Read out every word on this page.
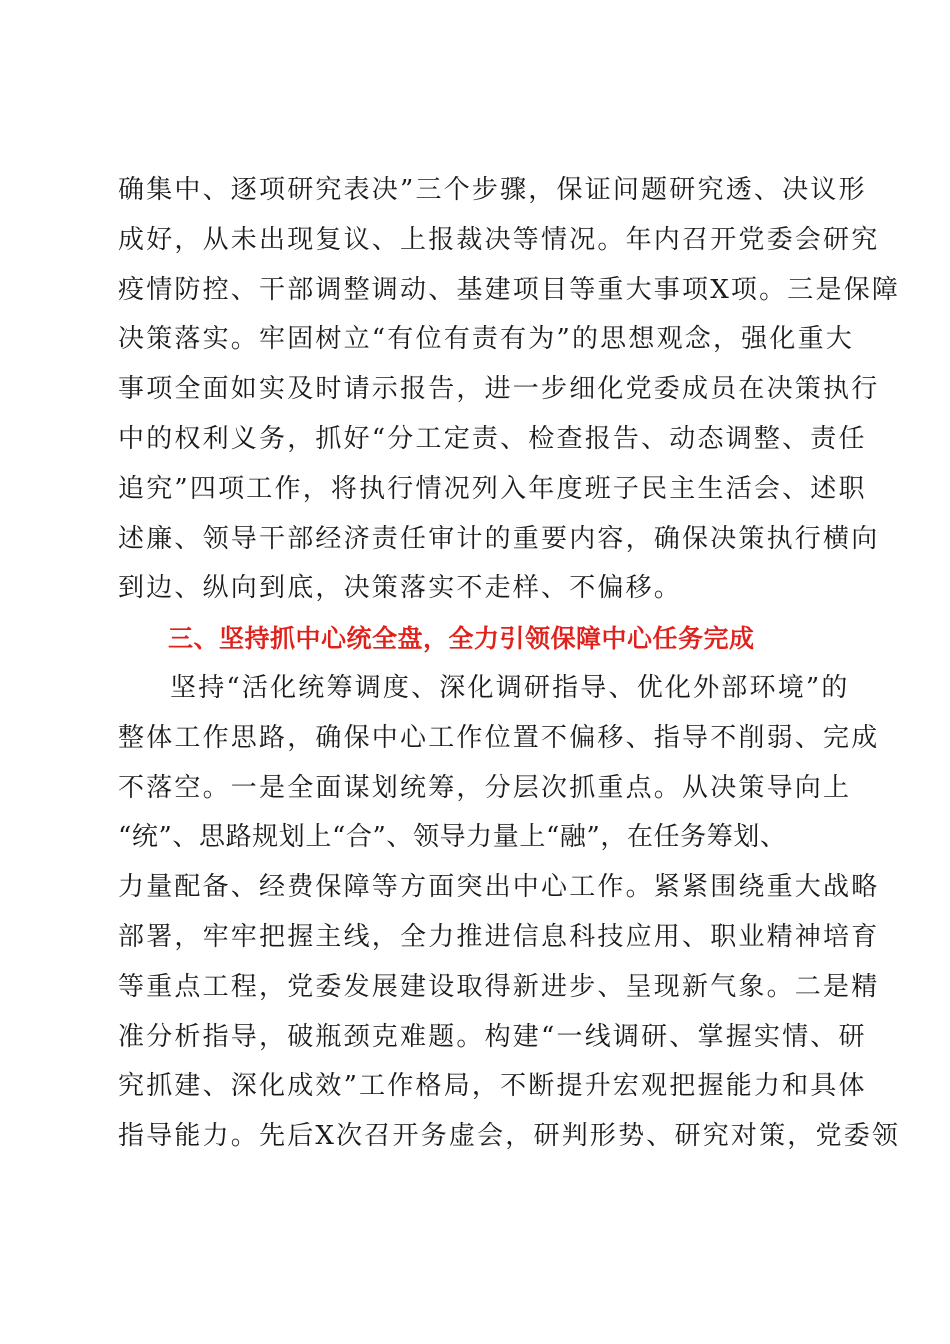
确集中、逐项研究表决”三个步骤，保证问题研究透、决议形
成好，从未出现复议、上报裁决等情况。年内召开党委会研究
疫情防控、干部调整调动、基建项目等重大事项X项。三是保障
决策落实。牢固树立“有位有责有为”的思想观念，强化重大
事项全面如实及时请示报告，进一步细化党委成员在决策执行
中的权利义务，抓好“分工定责、检查报告、动态调整、责任
追究”四项工作，将执行情况列入年度班子民主生活会、述职
述廉、领导干部经济责任审计的重要内容，确保决策执行横向
到边、纵向到底，决策落实不走样、不偏移。
三、坚持抓中心统全盘，全力引领保障中心任务完成
坚持“活化统筹调度、深化调研指导、优化外部环境”的
整体工作思路，确保中心工作位置不偏移、指导不削弱、完成
不落空。一是全面谋划统筹，分层次抓重点。从决策导向上
“统”、思路规划上“合”、领导力量上“融”，在任务筹划、
力量配备、经费保障等方面突出中心工作。紧紧围绕重大战略
部署，牢牢把握主线，全力推进信息科技应用、职业精神培育
等重点工程，党委发展建设取得新进步、呈现新气象。二是精
准分析指导，破瓶颈克难题。构建“一线调研、掌握实情、研
究抓建、深化成效”工作格局，不断提升宏观把握能力和具体
指导能力。先后X次召开务虚会，研判形势、研究对策，党委领
